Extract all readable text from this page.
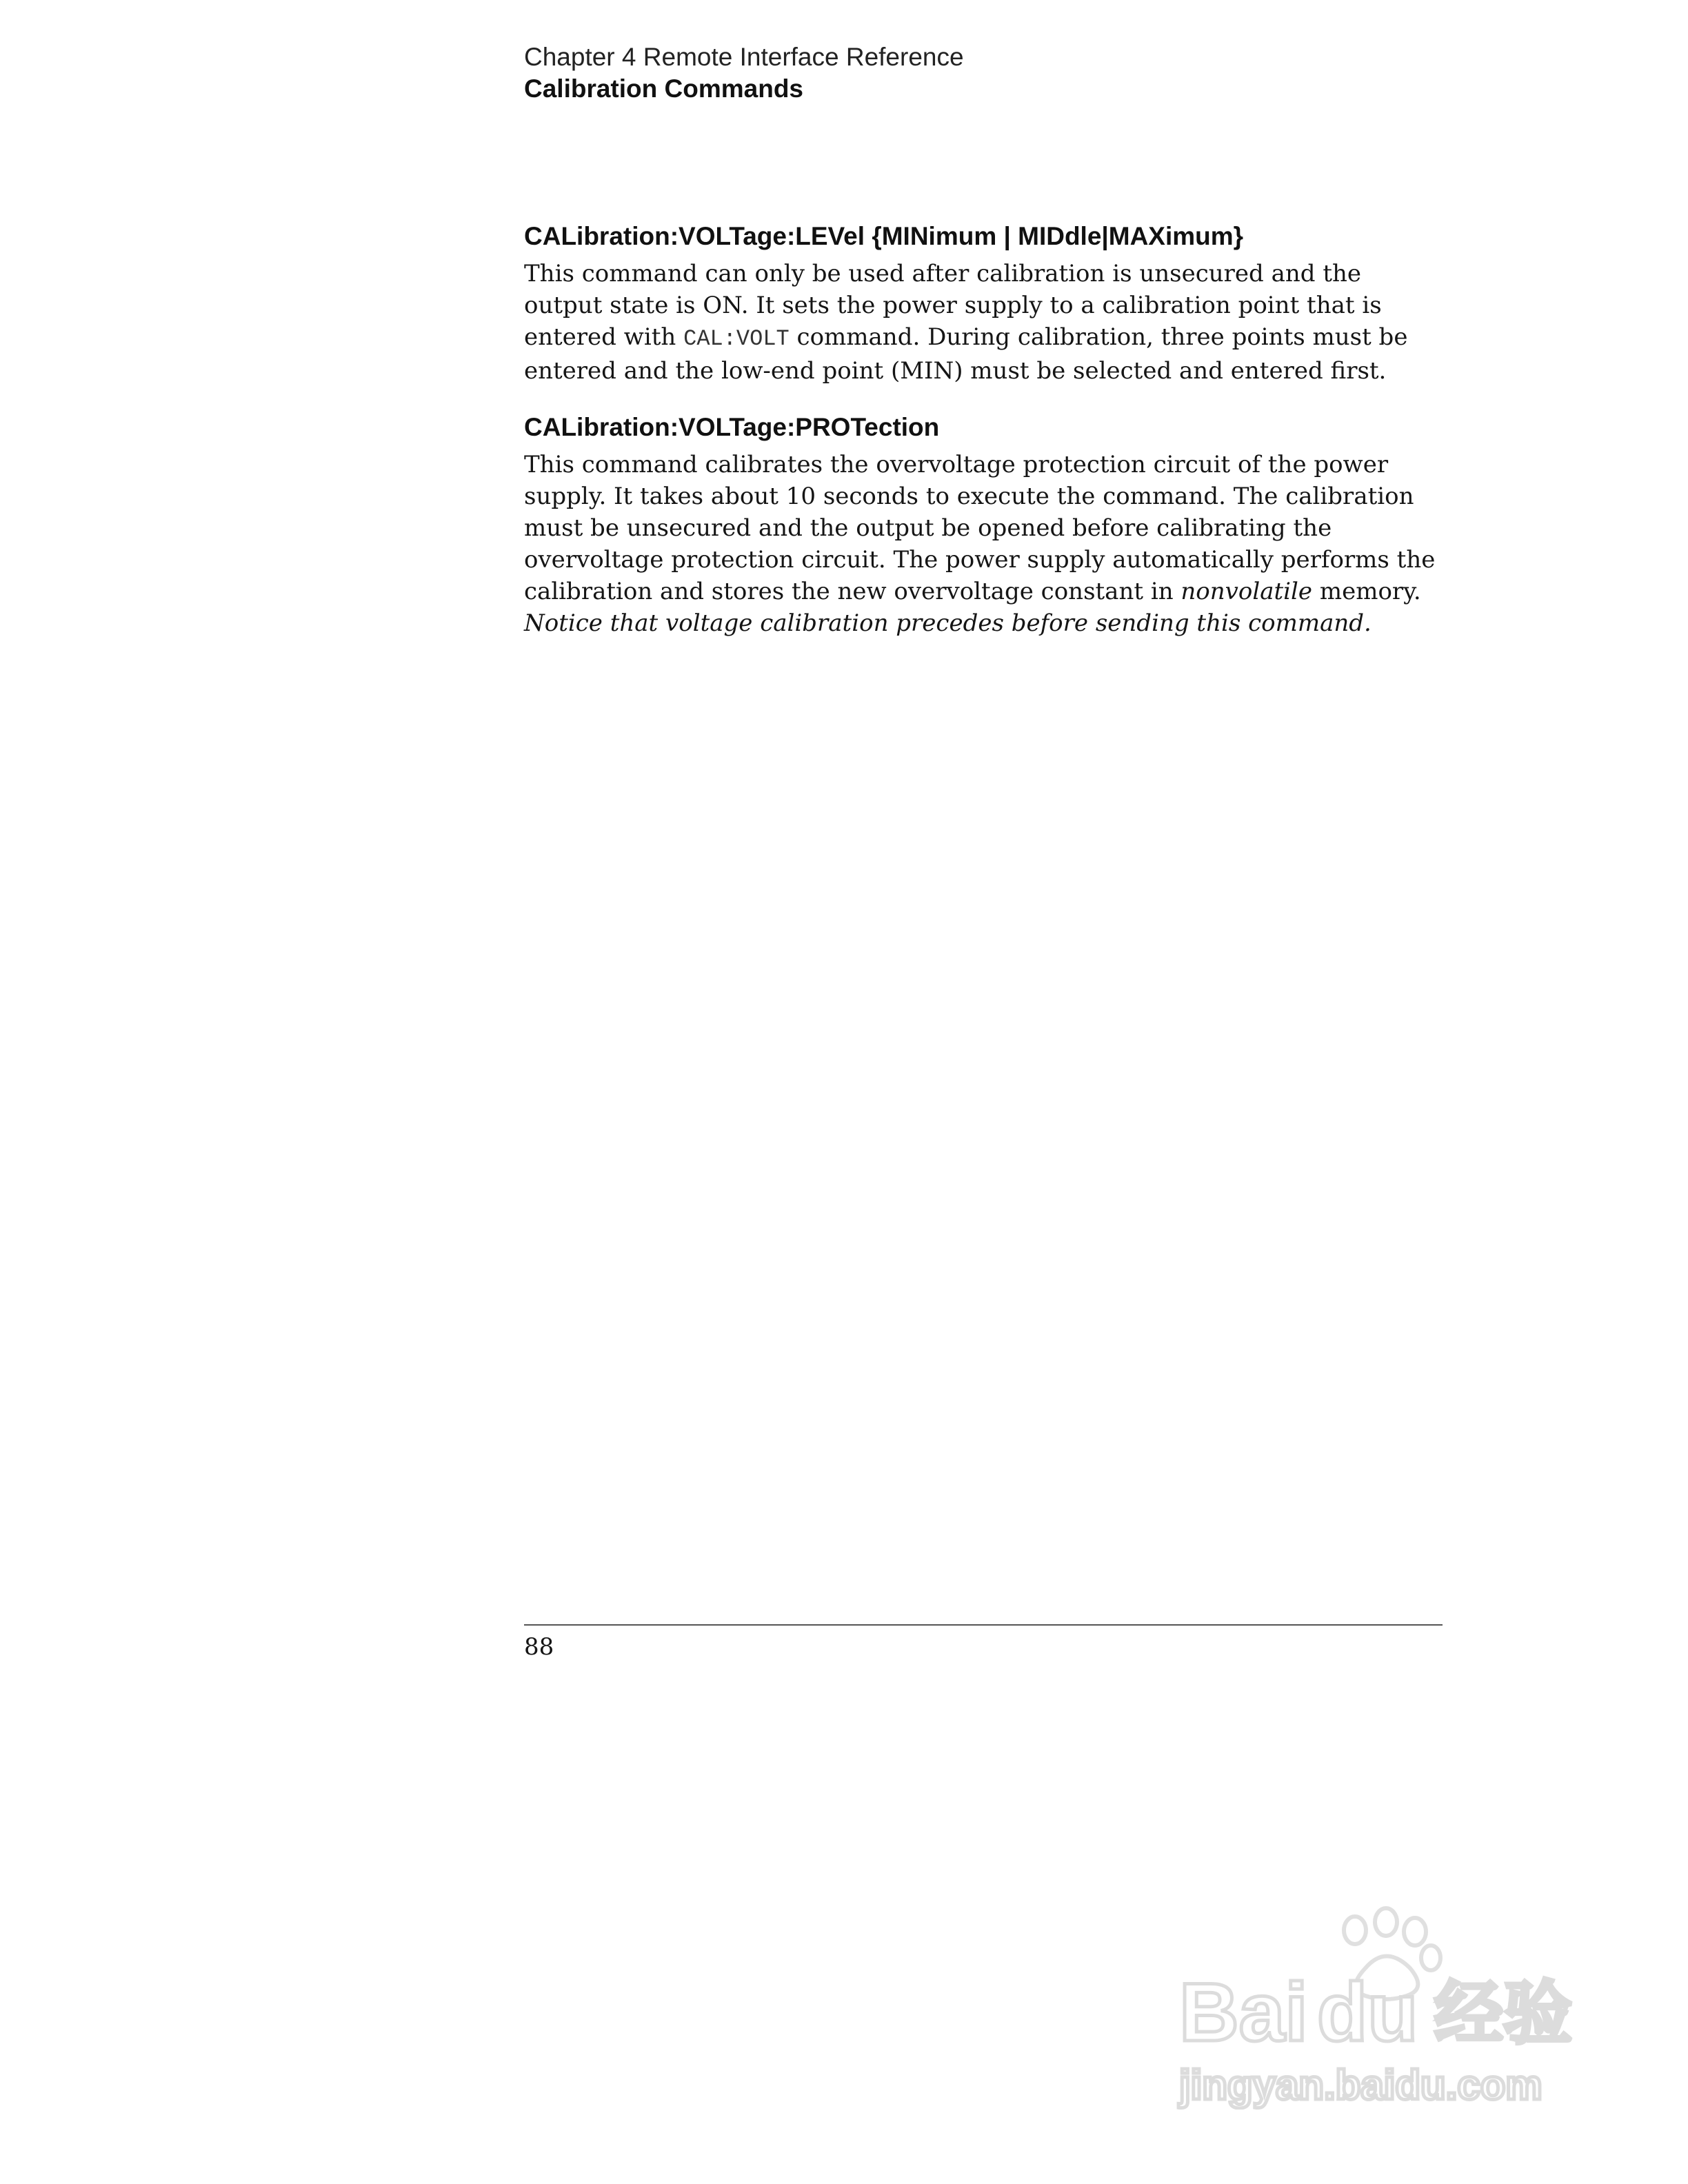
Chapter 4 Remote Interface Reference
Calibration Commands
CALibration:VOLTage:LEVel {MINimum | MIDdle|MAXimum}

This command can only be used after calibration is unsecured and the output state is ON. It sets the power supply to a calibration point that is entered with CAL:VOLT command. During calibration, three points must be entered and the low-end point (MIN) must be selected and entered first.

CALibration:VOLTage:PROTection

This command calibrates the overvoltage protection circuit of the power supply. It takes about 10 seconds to execute the command. The calibration must be unsecured and the output be opened before calibrating the overvoltage protection circuit. The power supply automatically performs the calibration and stores the new overvoltage constant in nonvolatile memory. Notice that voltage calibration precedes before sending this command.

88
Bai du 经验
jingyan.baidu.com
